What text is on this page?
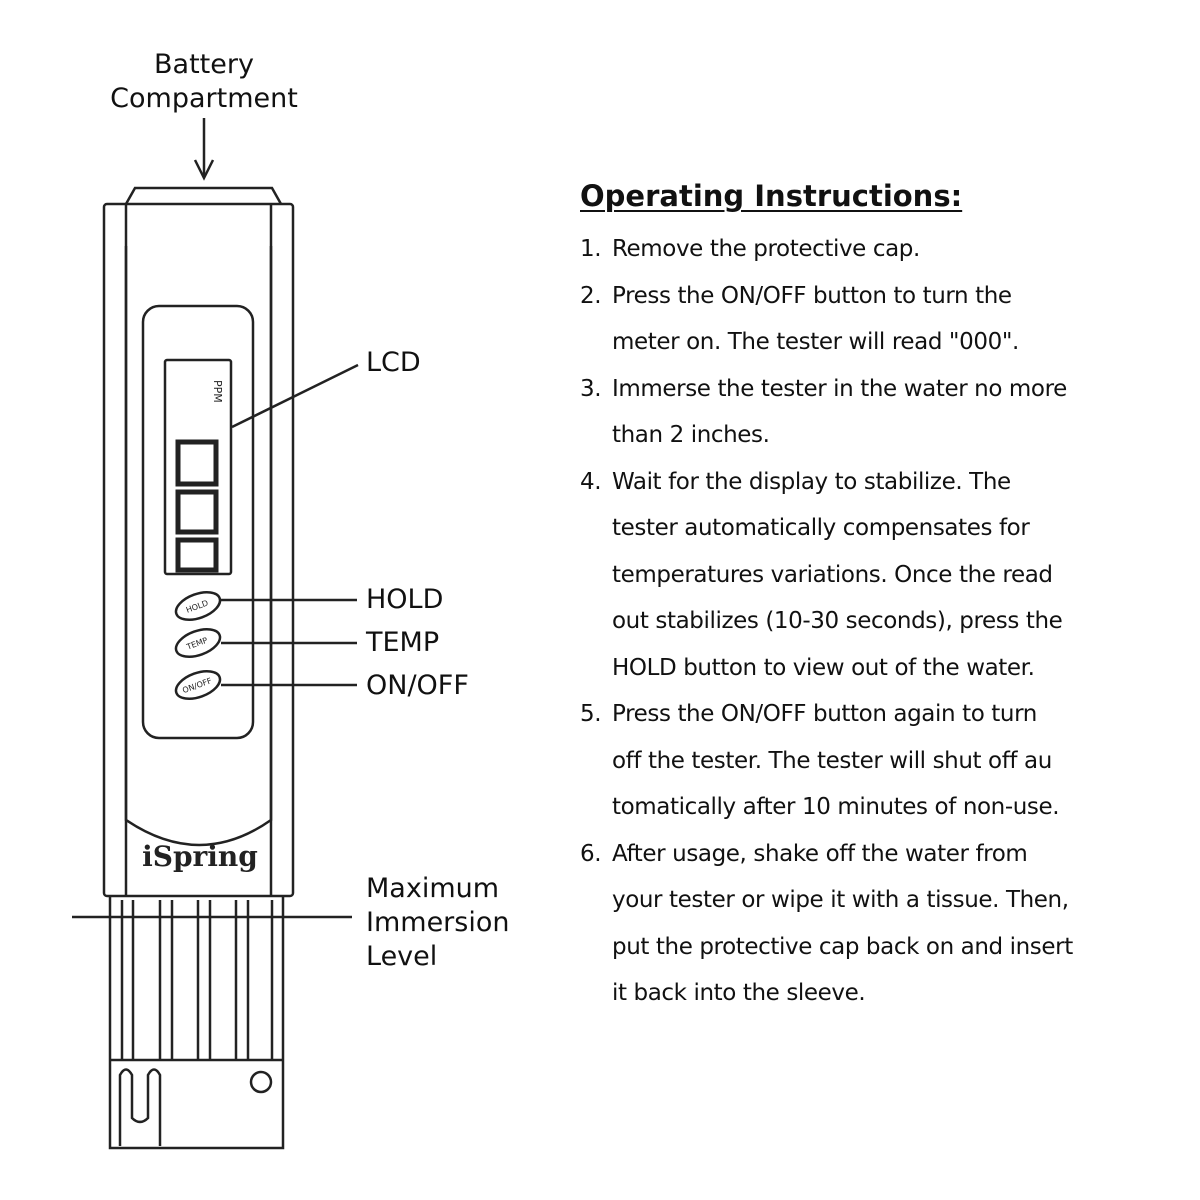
PPM
HOLD
TEMP
ON/OFF
iSpring
Battery
Compartment
LCD
HOLD
TEMP
ON/OFF
Maximum
Immersion
Level
Operating Instructions:
1. Remove the protective cap.
2. Press the ON/OFF button to turn the
meter on. The tester will read "000".
3. Immerse the tester in the water no more
than 2 inches.
4. Wait for the display to stabilize. The
tester automatically compensates for
temperatures variations. Once the read
out stabilizes (10-30 seconds), press the
HOLD button to view out of the water.
5. Press the ON/OFF button again to turn
off the tester. The tester will shut off au
tomatically after 10 minutes of non-use.
6. After usage, shake off the water from
your tester or wipe it with a tissue. Then,
put the protective cap back on and insert
it back into the sleeve.
